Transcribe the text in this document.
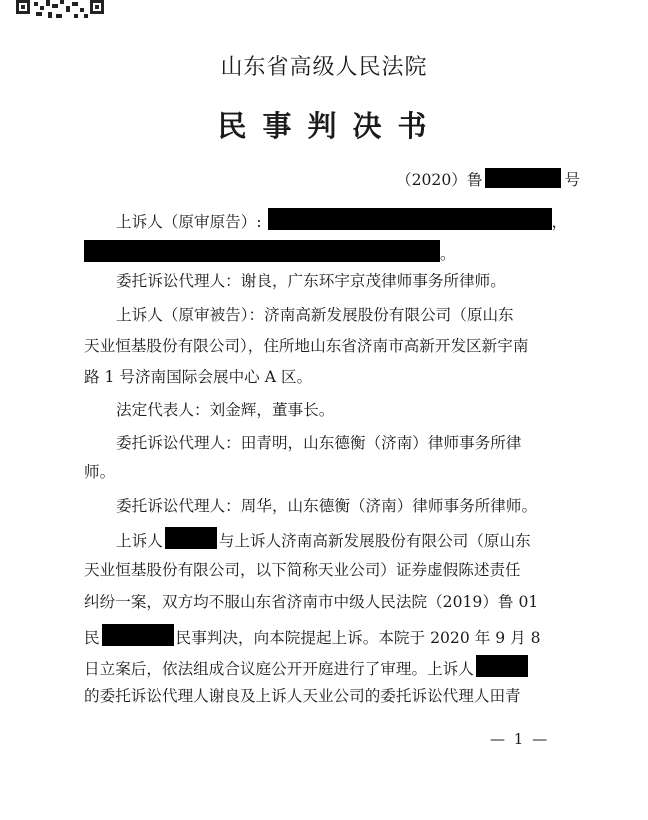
山东省高级人民法院
民事判决书
（2020）鲁	号
上诉人（原审原告）:	，
。
委托诉讼代理人：谢良，广东环宇京茂律师事务所律师。
上诉人（原审被告）：济南高新发展股份有限公司（原山东
天业恒基股份有限公司），住所地山东省济南市高新开发区新宇南
路 1 号济南国际会展中心 A 区。
法定代表人：刘金辉，董事长。
委托诉讼代理人：田青明，山东德衡（济南）律师事务所律
师。
委托诉讼代理人：周华，山东德衡（济南）律师事务所律师。
上诉人	与上诉人济南高新发展股份有限公司（原山东
天业恒基股份有限公司，以下简称天业公司）证券虚假陈述责任
纠纷一案，双方均不服山东省济南市中级人民法院（2019）鲁 01
民	民事判决，向本院提起上诉。本院于 2020 年 9 月 8
日立案后，依法组成合议庭公开开庭进行了审理。上诉人
的委托诉讼代理人谢良及上诉人天业公司的委托诉讼代理人田青
— 1 —
